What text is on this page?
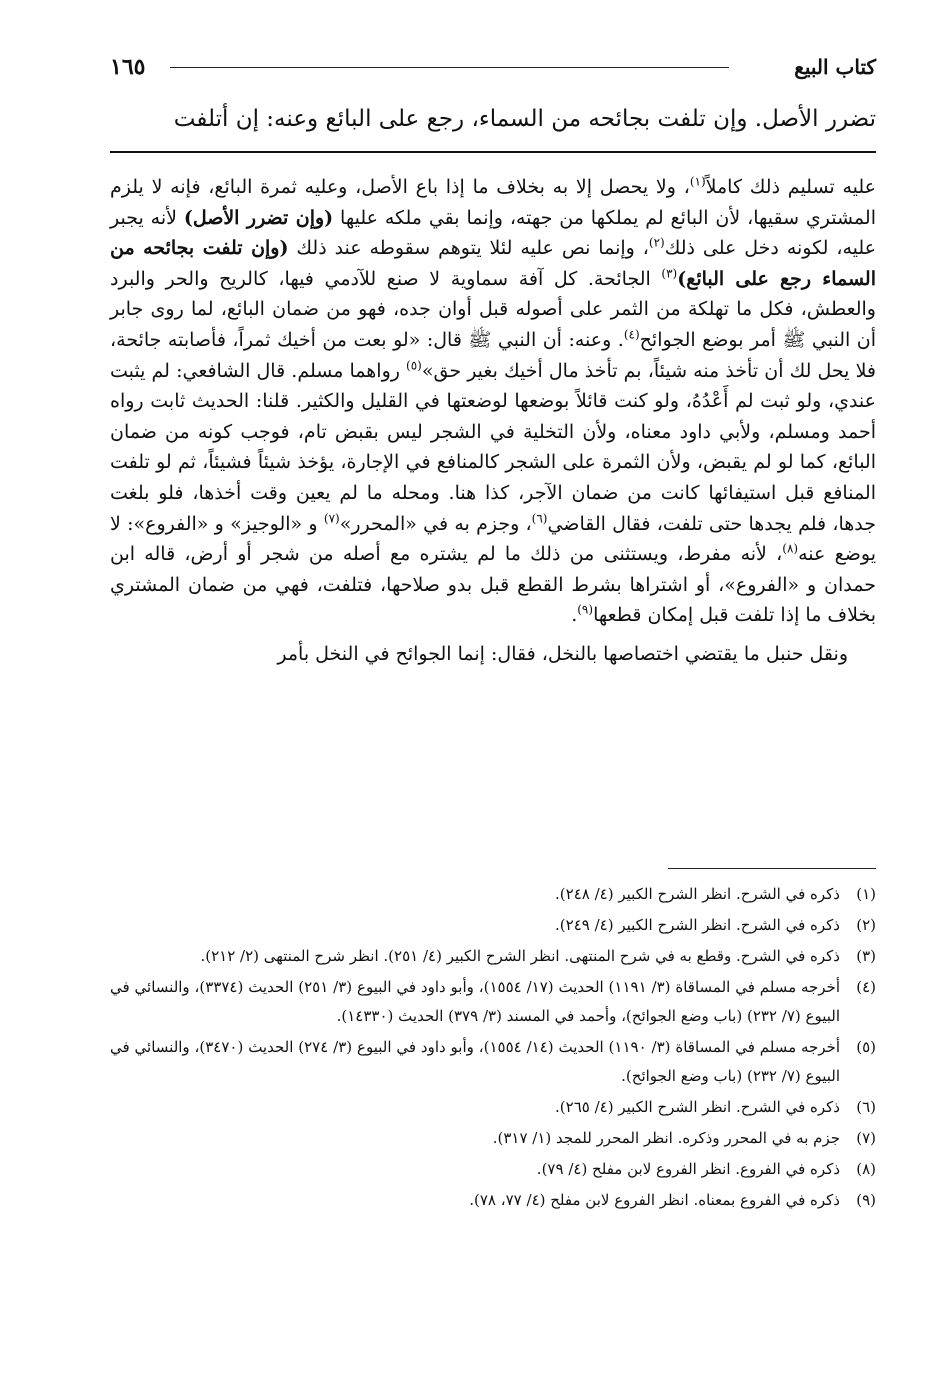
كتاب البيع
١٦٥
تضرر الأصل. وإن تلفت بجائحه من السماء، رجع على البائع وعنه: إن أتلفت

عليه تسليم ذلك كاملاً$^{(١)}$، ولا يحصل إلا به بخلاف ما إذا باع الأصل، وعليه ثمرة البائع، فإنه لا يلزم المشتري سقيها، لأن البائع لم يملكها من جهته، وإنما بقي ملكه عليها (وإن تضرر الأصل) لأنه يجبر عليه، لكونه دخل على ذلك$^{(٢)}$، وإنما نص عليه لئلا يتوهم سقوطه عند ذلك (وإن تلفت بجائحه من السماء رجع على البائع)$^{(٣)}$ الجائحة. كل آفة سماوية لا صنع للآدمي فيها، كالريح والحر والبرد والعطش، فكل ما تهلكة من الثمر على أصوله قبل أوان جده، فهو من ضمان البائع، لما روى جابر أن النبي ﷺ أمر بوضع الجوائح$^{(٤)}$. وعنه: أن النبي ﷺ قال: «لو بعت من أخيك ثمراً، فأصابته جائحة، فلا يحل لك أن تأخذ منه شيئاً، بم تأخذ مال أخيك بغير حق»$^{(٥)}$ رواهما مسلم. قال الشافعي: لم يثبت عندي، ولو ثبت لم أَعْدُهُ، ولو كنت قائلاً بوضعها لوضعتها في القليل والكثير. قلنا: الحديث ثابت رواه أحمد ومسلم، ولأبي داود معناه، ولأن التخلية في الشجر ليس بقبض تام، فوجب كونه من ضمان البائع، كما لو لم يقبض، ولأن الثمرة على الشجر كالمنافع في الإجارة، يؤخذ شيئاً فشيئاً، ثم لو تلفت المنافع قبل استيفائها كانت من ضمان الآجر، كذا هنا. ومحله ما لم يعين وقت أخذها، فلو بلغت جدها، فلم يجدها حتى تلفت، فقال القاضي$^{(٦)}$، وجزم به في «المحرر»$^{(٧)}$ و «الوجيز» و «الفروع»: لا يوضع عنه$^{(٨)}$، لأنه مفرط، ويستثنى من ذلك ما لم يشتره مع أصله من شجر أو أرض، قاله ابن حمدان و «الفروع»، أو اشتراها بشرط القطع قبل بدو صلاحها، فتلفت، فهي من ضمان المشتري بخلاف ما إذا تلفت قبل إمكان قطعها$^{(٩)}$.

ونقل حنبل ما يقتضي اختصاصها بالنخل، فقال: إنما الجوائح في النخل بأمر

(١)
ذكره في الشرح. انظر الشرح الكبير (٤/ ٢٤٨).
(٢)
ذكره في الشرح. انظر الشرح الكبير (٤/ ٢٤٩).
(٣)
ذكره في الشرح. وقطع به في شرح المنتهى. انظر الشرح الكبير (٤/ ٢٥١). انظر شرح المنتهى (٢/ ٢١٢).
(٤)
أخرجه مسلم في المساقاة (٣/ ١١٩١) الحديث (١٧/ ١٥٥٤)، وأبو داود في البيوع (٣/ ٢٥١) الحديث (٣٣٧٤)، والنسائي في البيوع (٧/ ٢٣٢) (باب وضع الجوائح)، وأحمد في المسند (٣/ ٣٧٩) الحديث (١٤٣٣٠).
(٥)
أخرجه مسلم في المساقاة (٣/ ١١٩٠) الحديث (١٤/ ١٥٥٤)، وأبو داود في البيوع (٣/ ٢٧٤) الحديث (٣٤٧٠)، والنسائي في البيوع (٧/ ٢٣٢) (باب وضع الجوائح).
(٦)
ذكره في الشرح. انظر الشرح الكبير (٤/ ٢٦٥).
(٧)
جزم به في المحرر وذكره. انظر المحرر للمجد (١/ ٣١٧).
(٨)
ذكره في الفروع. انظر الفروع لابن مفلح (٤/ ٧٩).
(٩)
ذكره في الفروع بمعناه. انظر الفروع لابن مفلح (٤/ ٧٧، ٧٨).
